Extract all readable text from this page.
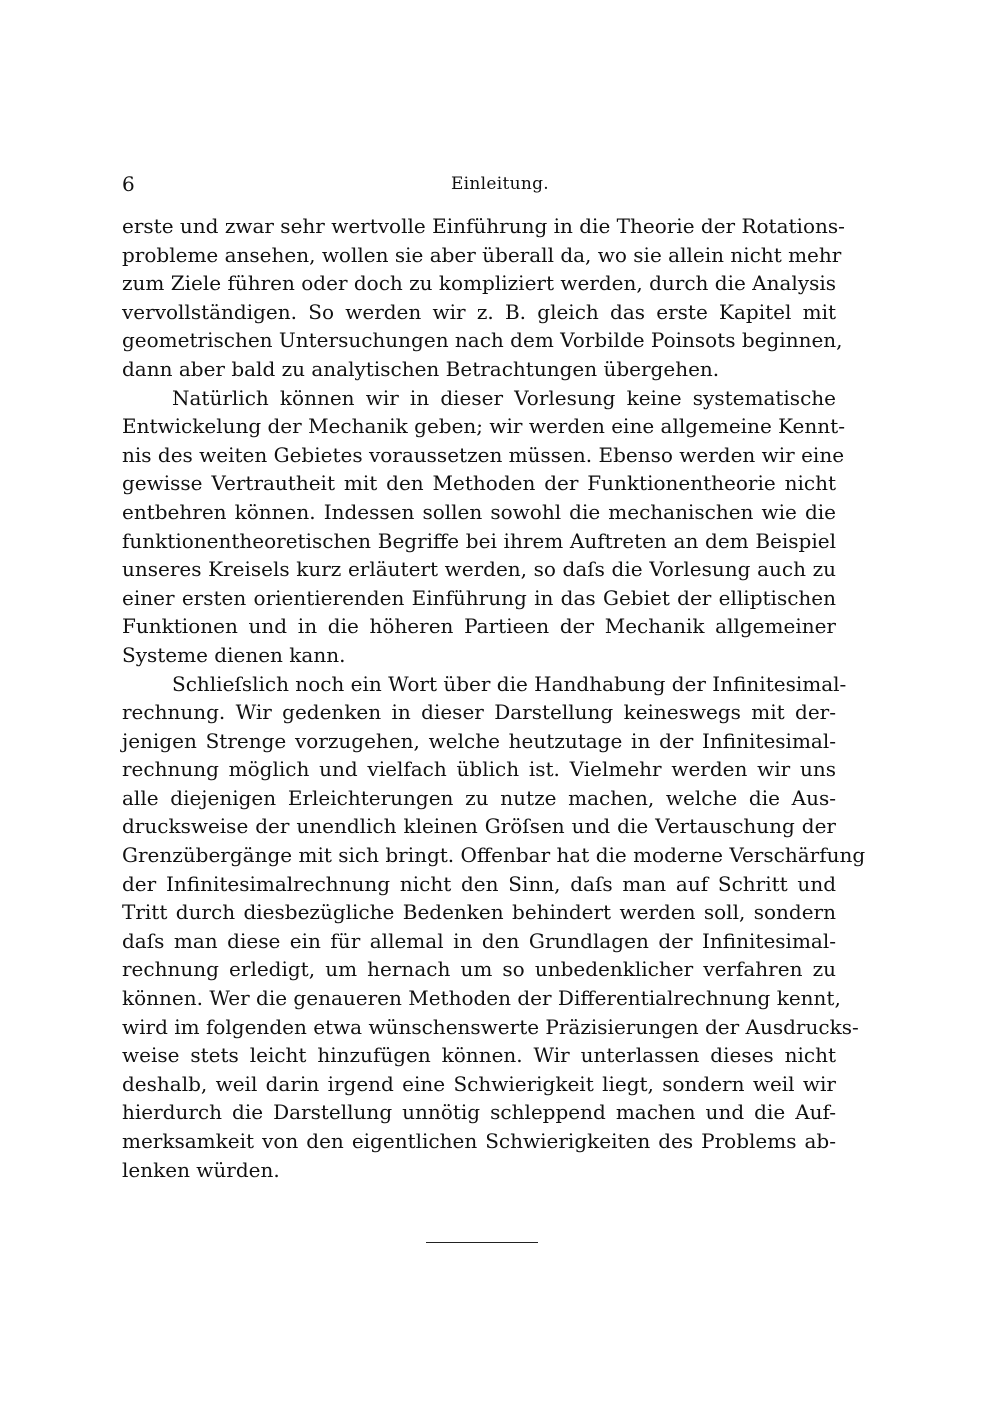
6	Einleitung.
erste und zwar sehr wertvolle Einführung in die Theorie der Rotations-
probleme ansehen, wollen sie aber überall da, wo sie allein nicht mehr
zum Ziele führen oder doch zu kompliziert werden, durch die Analysis
vervollständigen. So werden wir z. B. gleich das erste Kapitel mit
geometrischen Untersuchungen nach dem Vorbilde Poinsots beginnen,
dann aber bald zu analytischen Betrachtungen übergehen.
Natürlich können wir in dieser Vorlesung keine systematische
Entwickelung der Mechanik geben; wir werden eine allgemeine Kennt-
nis des weiten Gebietes voraussetzen müssen. Ebenso werden wir eine
gewisse Vertrautheit mit den Methoden der Funktionentheorie nicht
entbehren können. Indessen sollen sowohl die mechanischen wie die
funktionentheoretischen Begriffe bei ihrem Auftreten an dem Beispiel
unseres Kreisels kurz erläutert werden, so daſs die Vorlesung auch zu
einer ersten orientierenden Einführung in das Gebiet der elliptischen
Funktionen und in die höheren Partieen der Mechanik allgemeiner
Systeme dienen kann.
Schlieſslich noch ein Wort über die Handhabung der Infinitesimal-
rechnung. Wir gedenken in dieser Darstellung keineswegs mit der-
jenigen Strenge vorzugehen, welche heutzutage in der Infinitesimal-
rechnung möglich und vielfach üblich ist. Vielmehr werden wir uns
alle diejenigen Erleichterungen zu nutze machen, welche die Aus-
drucksweise der unendlich kleinen Gröſsen und die Vertauschung der
Grenzübergänge mit sich bringt. Offenbar hat die moderne Verschärfung
der Infinitesimalrechnung nicht den Sinn, daſs man auf Schritt und
Tritt durch diesbezügliche Bedenken behindert werden soll, sondern
daſs man diese ein für allemal in den Grundlagen der Infinitesimal-
rechnung erledigt, um hernach um so unbedenklicher verfahren zu
können. Wer die genaueren Methoden der Differentialrechnung kennt,
wird im folgenden etwa wünschenswerte Präzisierungen der Ausdrucks-
weise stets leicht hinzufügen können. Wir unterlassen dieses nicht
deshalb, weil darin irgend eine Schwierigkeit liegt, sondern weil wir
hierdurch die Darstellung unnötig schleppend machen und die Auf-
merksamkeit von den eigentlichen Schwierigkeiten des Problems ab-
lenken würden.
